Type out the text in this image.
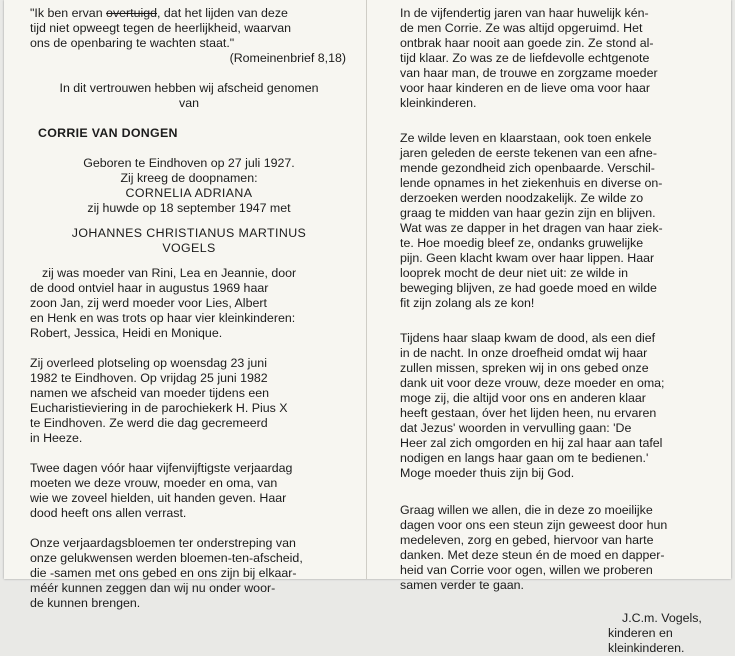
"Ik ben ervan overtuigd, dat het lijden van deze

tijd niet opweegt tegen de heerlijkheid, waarvan

ons de openbaring te wachten staat."

(Romeinenbrief 8,18)

In dit vertrouwen hebben wij afscheid genomen

van

CORRIE VAN DONGEN

Geboren te Eindhoven op 27 juli 1927.

Zij kreeg de doopnamen:

CORNELIA ADRIANA

zij huwde op 18 september 1947 met

JOHANNES CHRISTIANUS MARTINUS

VOGELS

zij was moeder van Rini, Lea en Jeannie, door

de dood ontviel haar in augustus 1969 haar

zoon Jan, zij werd moeder voor Lies, Albert

en Henk en was trots op haar vier kleinkinderen:

Robert, Jessica, Heidi en Monique.

Zij overleed plotseling op woensdag 23 juni

1982 te Eindhoven. Op vrijdag 25 juni 1982

namen we afscheid van moeder tijdens een

Eucharistieviering in de parochiekerk H. Pius X

te Eindhoven. Ze werd die dag gecremeerd

in Heeze.

Twee dagen vóór haar vijfenvijftigste verjaardag

moeten we deze vrouw, moeder en oma, van

wie we zoveel hielden, uit handen geven. Haar

dood heeft ons allen verrast.

Onze verjaardagsbloemen ter onderstreping van

onze gelukwensen werden bloemen-ten-afscheid,

die -samen met ons gebed en ons zijn bij elkaar-

méér kunnen zeggen dan wij nu onder woor-

de kunnen brengen.

In de vijfendertig jaren van haar huwelijk kén-

de men Corrie. Ze was altijd opgeruimd. Het

ontbrak haar nooit aan goede zin. Ze stond al-

tijd klaar. Zo was ze de liefdevolle echtgenote

van haar man, de trouwe en zorgzame moeder

voor haar kinderen en de lieve oma voor haar

kleinkinderen.

Ze wilde leven en klaarstaan, ook toen enkele

jaren geleden de eerste tekenen van een afne-

mende gezondheid zich openbaarde. Verschil-

lende opnames in het ziekenhuis en diverse on-

derzoeken werden noodzakelijk. Ze wilde zo

graag te midden van haar gezin zijn en blijven.

Wat was ze dapper in het dragen van haar ziek-

te. Hoe moedig bleef ze, ondanks gruwelijke

pijn. Geen klacht kwam over haar lippen. Haar

looprek mocht de deur niet uit: ze wilde in

beweging blijven, ze had goede moed en wilde

fit zijn zolang als ze kon!

Tijdens haar slaap kwam de dood, als een dief

in de nacht. In onze droefheid omdat wij haar

zullen missen, spreken wij in ons gebed onze

dank uit voor deze vrouw, deze moeder en oma;

moge zij, die altijd voor ons en anderen klaar

heeft gestaan, óver het lijden heen, nu ervaren

dat Jezus' woorden in vervulling gaan: 'De

Heer zal zich omgorden en hij zal haar aan tafel

nodigen en langs haar gaan om te bedienen.'

Moge moeder thuis zijn bij God.

Graag willen we allen, die in deze zo moeilijke

dagen voor ons een steun zijn geweest door hun

medeleven, zorg en gebed, hiervoor van harte

danken. Met deze steun én de moed en dapper-

heid van Corrie voor ogen, willen we proberen

samen verder te gaan.

J.C.m. Vogels,

kinderen en kleinkinderen.
